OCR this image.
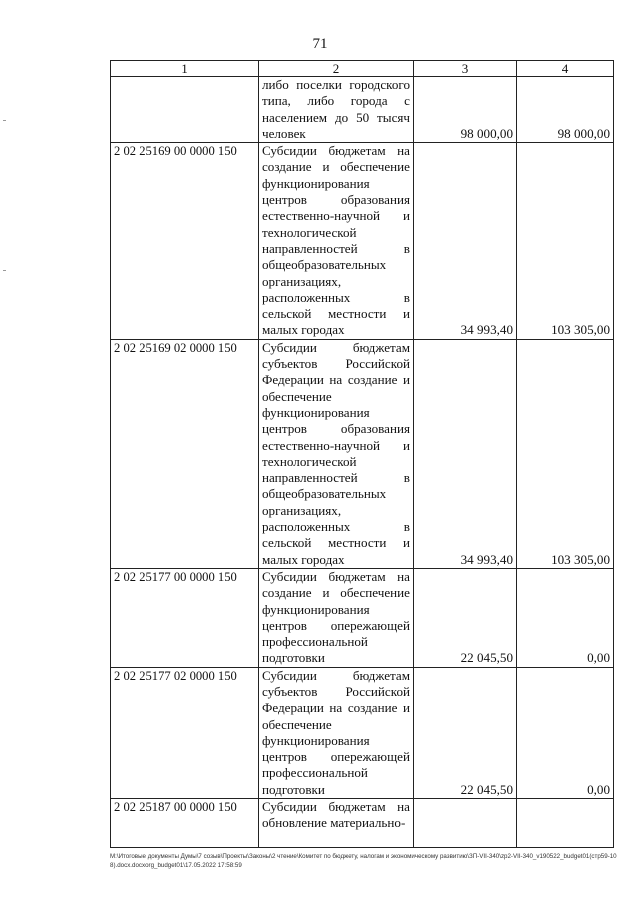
71
1	2	3	4
	либо поселки городского типа, либо города с населением до 50 тысяч человек	98 000,00	98 000,00
2 02 25169 00 0000 150	Субсидии бюджетам на создание и обеспечение функционирования центров образования естественно-научной и технологической направленностей в общеобразовательных организациях, расположенных в сельской местности и малых городах	34 993,40	103 305,00
2 02 25169 02 0000 150	Субсидии бюджетам субъектов Российской Федерации на создание и обеспечение функционирования центров образования естественно-научной и технологической направленностей в общеобразовательных организациях, расположенных в сельской местности и малых городах	34 993,40	103 305,00
2 02 25177 00 0000 150	Субсидии бюджетам на создание и обеспечение функционирования центров опережающей профессиональной подготовки	22 045,50	0,00
2 02 25177 02 0000 150	Субсидии бюджетам субъектов Российской Федерации на создание и обеспечение функционирования центров опережающей профессиональной подготовки	22 045,50	0,00
2 02 25187 00 0000 150	Субсидии бюджетам на обновление материально-		
M:\Итоговые документы Думы\7 созыв\Проекты\Законы\2 чтение\Комитет по бюджету, налогам и экономическому развитию\ЗП-VII-340\zp2-VII-340_v190522_budget01(стр59-108).docx.docxorg_budget01\17.05.2022 17:58:59
